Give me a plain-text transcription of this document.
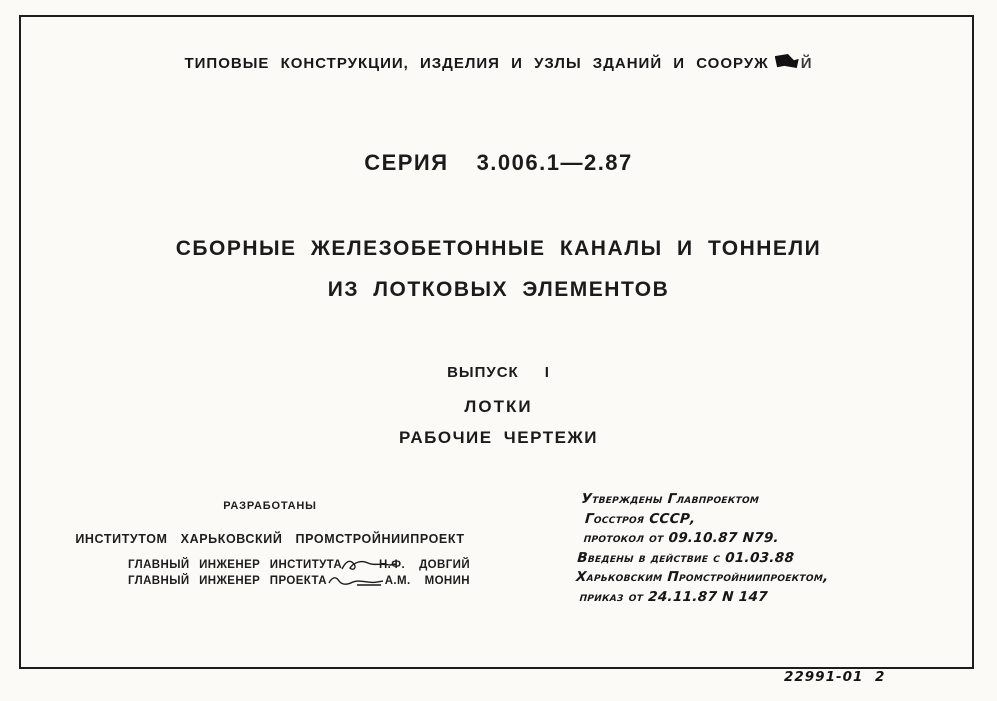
ТИПОВЫЕ КОНСТРУКЦИИ, ИЗДЕЛИЯ И УЗЛЫ ЗДАНИЙ И СООРУЖ Й
СЕРИЯ 3.006.1—2.87
СБОРНЫЕ ЖЕЛЕЗОБЕТОННЫЕ КАНАЛЫ И ТОННЕЛИ
ИЗ ЛОТКОВЫХ ЭЛЕМЕНТОВ
ВЫПУСК I
ЛОТКИ
РАБОЧИЕ ЧЕРТЕЖИ
РАЗРАБОТАНЫ
ИНСТИТУТОМ ХАРЬКОВСКИЙ ПРОМСТРОЙНИИПРОЕКТ
ГЛАВНЫЙ ИНЖЕНЕР ИНСТИТУТА	Н.Ф. ДОВГИЙ
ГЛАВНЫЙ ИНЖЕНЕР ПРОЕКТА	А.М. МОНИН
Утверждены Главпроектом
Госстроя СССР,
протокол от 09.10.87 N79.
Введены в действие с 01.03.88
Харьковским Промстройниипроектом,
приказ от 24.11.87 N 147
22991-01 2
